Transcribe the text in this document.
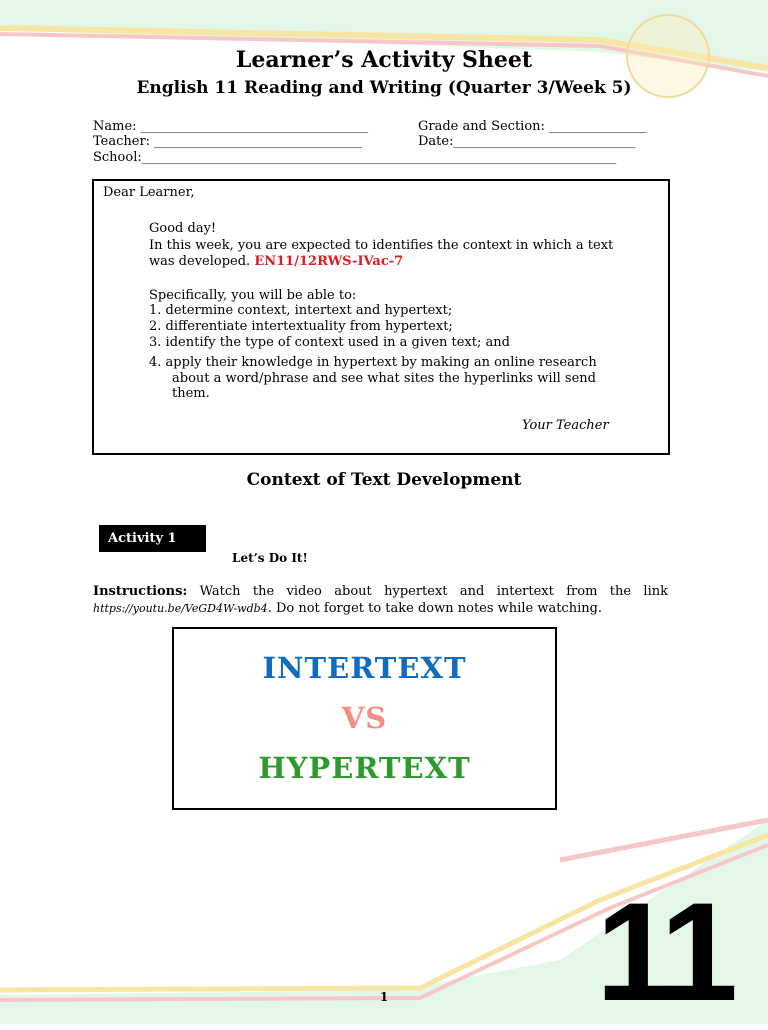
Learner’s Activity Sheet
English 11 Reading and Writing (Quarter 3/Week 5)
Name: ___________________________________	Grade and Section: _______________
Teacher: ________________________________	Date:____________________________
School:_________________________________________________________________________
Dear Learner,
Good day!
In this week, you are expected to identifies the context in which a text
was developed. EN11/12RWS-IVac-7
Specifically, you will be able to:
1. determine context, intertext and hypertext;
2. differentiate intertextuality from hypertext;
3. identify the type of context used in a given text; and
4. apply their knowledge in hypertext by making an online research
about a word/phrase and see what sites the hyperlinks will send
them.
Your Teacher
Context of Text Development
Activity 1
Let’s Do It!
Instructions: Watch the video about hypertext and intertext from the link
https://youtu.be/VeGD4W-wdb4. Do not forget to take down notes while watching.
INTERTEXT
VS
HYPERTEXT
11
1
